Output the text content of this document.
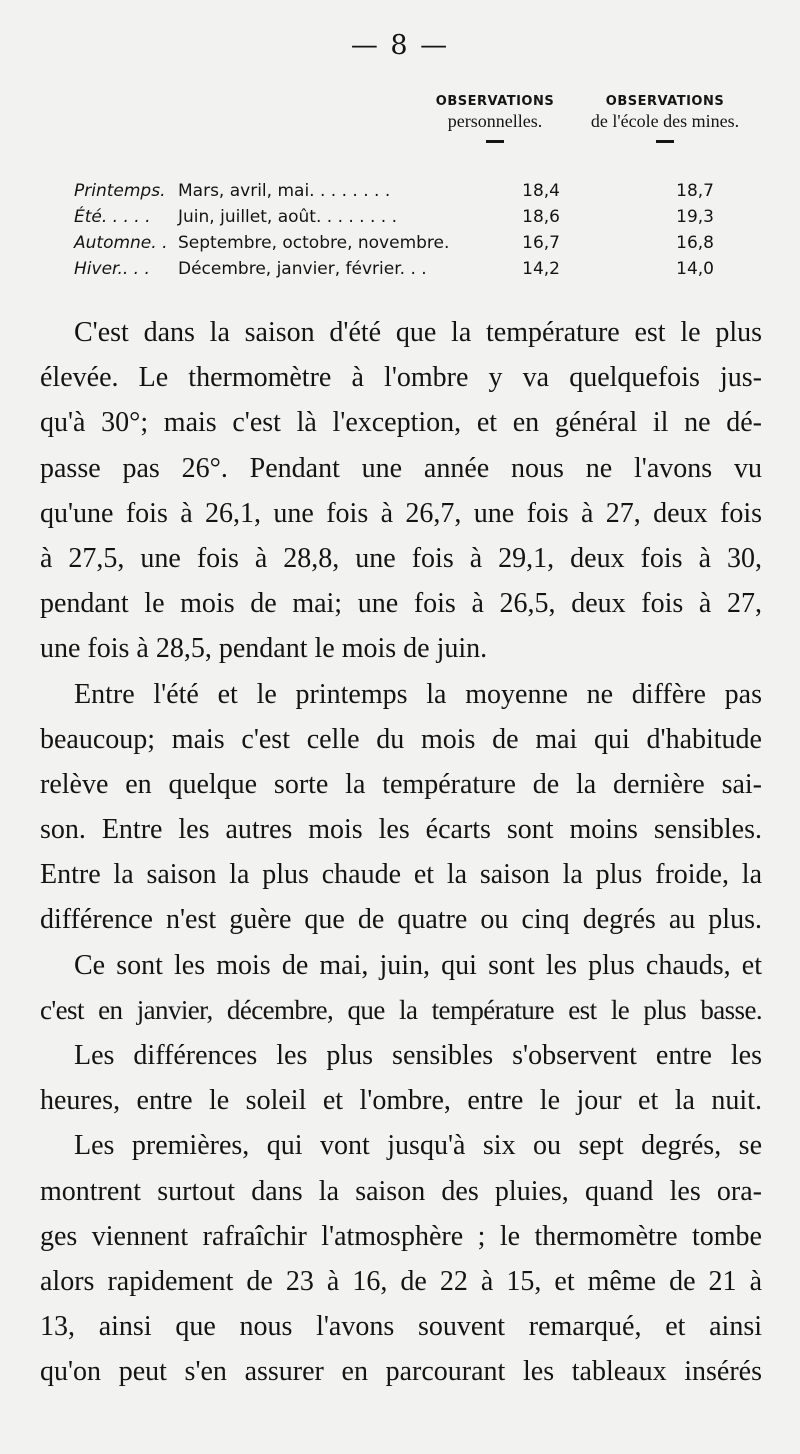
— 8 —
OBSERVATIONS
personnelles.
OBSERVATIONS
de l'école des mines.
Printemps.	Mars, avril, mai. . . . . . . .	18,4	18,7
Été. . . . .	Juin, juillet, août. . . . . . . .	18,6	19,3
Automne. .	Septembre, octobre, novembre.	16,7	16,8
Hiver.. . .	Décembre, janvier, février. . .	14,2	14,0
C'est dans la saison d'été que la température est le plus
élevée. Le thermomètre à l'ombre y va quelquefois jus-
qu'à 30°; mais c'est là l'exception, et en général il ne dé-
passe pas 26°. Pendant une année nous ne l'avons vu
qu'une fois à 26,1, une fois à 26,7, une fois à 27, deux fois
à 27,5, une fois à 28,8, une fois à 29,1, deux fois à 30,
pendant le mois de mai; une fois à 26,5, deux fois à 27,
une fois à 28,5, pendant le mois de juin.
Entre l'été et le printemps la moyenne ne diffère pas
beaucoup; mais c'est celle du mois de mai qui d'habitude
relève en quelque sorte la température de la dernière sai-
son. Entre les autres mois les écarts sont moins sensibles.
Entre la saison la plus chaude et la saison la plus froide, la
différence n'est guère que de quatre ou cinq degrés au plus.
Ce sont les mois de mai, juin, qui sont les plus chauds, et
c'est en janvier, décembre, que la température est le plus basse.
Les différences les plus sensibles s'observent entre les
heures, entre le soleil et l'ombre, entre le jour et la nuit.
Les premières, qui vont jusqu'à six ou sept degrés, se
montrent surtout dans la saison des pluies, quand les ora-
ges viennent rafraîchir l'atmosphère ; le thermomètre tombe
alors rapidement de 23 à 16, de 22 à 15, et même de 21 à
13, ainsi que nous l'avons souvent remarqué, et ainsi
qu'on peut s'en assurer en parcourant les tableaux insérés
